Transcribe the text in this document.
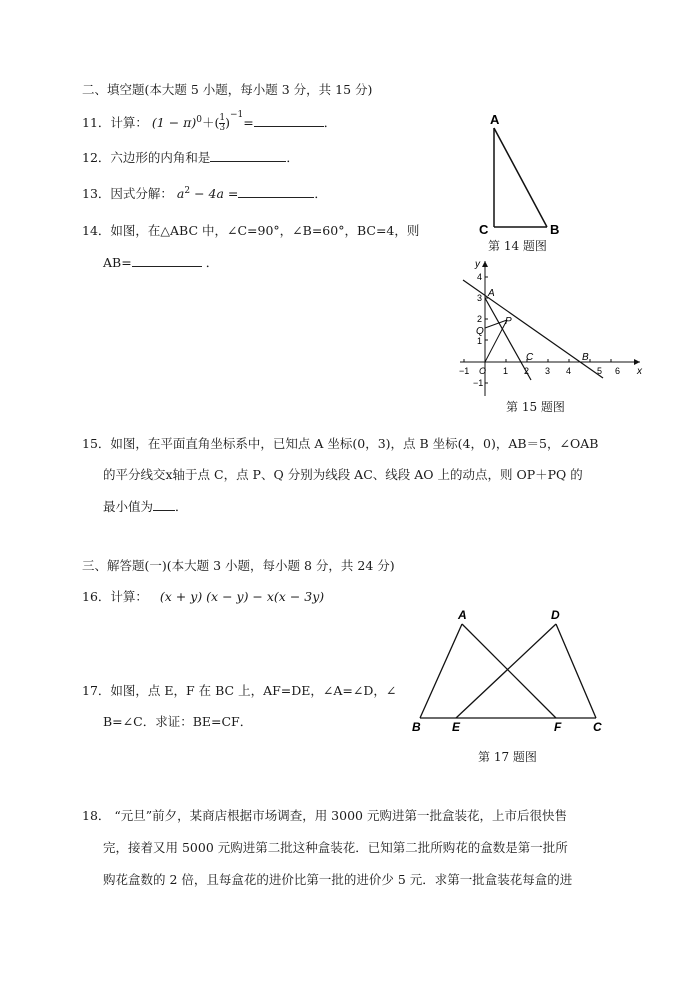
二、填空题(本大题 5 小题，每小题 3 分，共 15 分)
11．计算： $(1 - \pi)^0+( \frac{1}{3} )^{-1}=$	．
12．六边形的内角和是	．
13．因式分解： $a^2 - 4a$ =	．
14．如图，在△ABC 中，∠C=90°，∠B=60°，BC=4，则
AB=	．
A
C	B
第 14 题图
y
x
A
P
Q
C	B
O
−1	1 2 3 4	5 6
4
3
2
1
−1
第 15 题图
15．如图，在平面直角坐标系中，已知点 A 坐标(0，3)，点 B 坐标(4，0)，AB＝5，∠OAB
的平分线交x轴于点 C，点 P、Q 分别为线段 AC、线段 AO 上的动点，则 OP＋PQ 的
最小值为 ．
三、解答题(一)(本大题 3 小题，每小题 8 分，共 24 分)
16．计算： (x + y) (x − y) − x(x − 3y)
17．如图，点 E，F 在 BC 上，AF=DE，∠A=∠D，∠
B=∠C．求证：BE=CF．
A	D
B	E	F	C
第 17 题图
18． “元旦”前夕，某商店根据市场调查，用 3000 元购进第一批盒装花，上市后很快售
完，接着又用 5000 元购进第二批这种盒装花．已知第二批所购花的盒数是第一批所
购花盒数的 2 倍，且每盒花的进价比第一批的进价少 5 元．求第一批盒装花每盒的进
